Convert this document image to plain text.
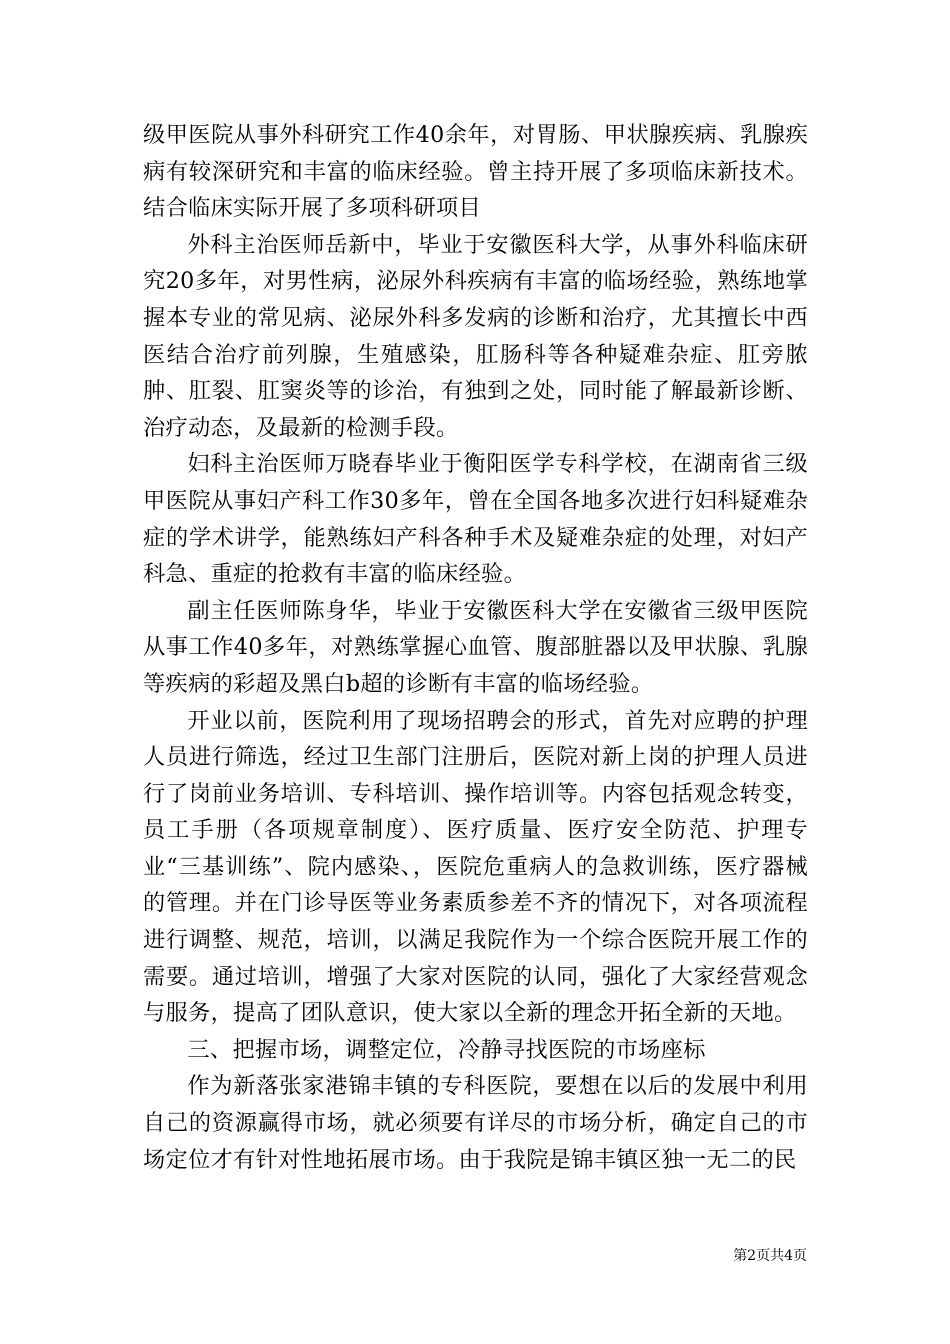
级甲医院从事外科研究工作40余年，对胃肠、甲状腺疾病、乳腺疾病有较深研究和丰富的临床经验。曾主持开展了多项临床新技术。结合临床实际开展了多项科研项目

外科主治医师岳新中，毕业于安徽医科大学，从事外科临床研究20多年，对男性病，泌尿外科疾病有丰富的临场经验，熟练地掌握本专业的常见病、泌尿外科多发病的诊断和治疗，尤其擅长中西医结合治疗前列腺，生殖感染，肛肠科等各种疑难杂症、肛旁脓肿、肛裂、肛窦炎等的诊治，有独到之处，同时能了解最新诊断、治疗动态，及最新的检测手段。

妇科主治医师万晓春毕业于衡阳医学专科学校，在湖南省三级甲医院从事妇产科工作30多年，曾在全国各地多次进行妇科疑难杂症的学术讲学，能熟练妇产科各种手术及疑难杂症的处理，对妇产科急、重症的抢救有丰富的临床经验。

副主任医师陈身华，毕业于安徽医科大学在安徽省三级甲医院从事工作40多年，对熟练掌握心血管、腹部脏器以及甲状腺、乳腺等疾病的彩超及黑白b超的诊断有丰富的临场经验。

开业以前，医院利用了现场招聘会的形式，首先对应聘的护理人员进行筛选，经过卫生部门注册后，医院对新上岗的护理人员进行了岗前业务培训、专科培训、操作培训等。内容包括观念转变，员工手册（各项规章制度）、医疗质量、医疗安全防范、护理专业“三基训练”、院内感染、，医院危重病人的急救训练，医疗器械的管理。并在门诊导医等业务素质参差不齐的情况下，对各项流程进行调整、规范，培训，以满足我院作为一个综合医院开展工作的需要。通过培训，增强了大家对医院的认同，强化了大家经营观念与服务，提高了团队意识，使大家以全新的理念开拓全新的天地。

三、把握市场，调整定位，冷静寻找医院的市场座标

作为新落张家港锦丰镇的专科医院，要想在以后的发展中利用自己的资源赢得市场，就必须要有详尽的市场分析，确定自己的市场定位才有针对性地拓展市场。由于我院是锦丰镇区独一无二的民

第2页共4页
